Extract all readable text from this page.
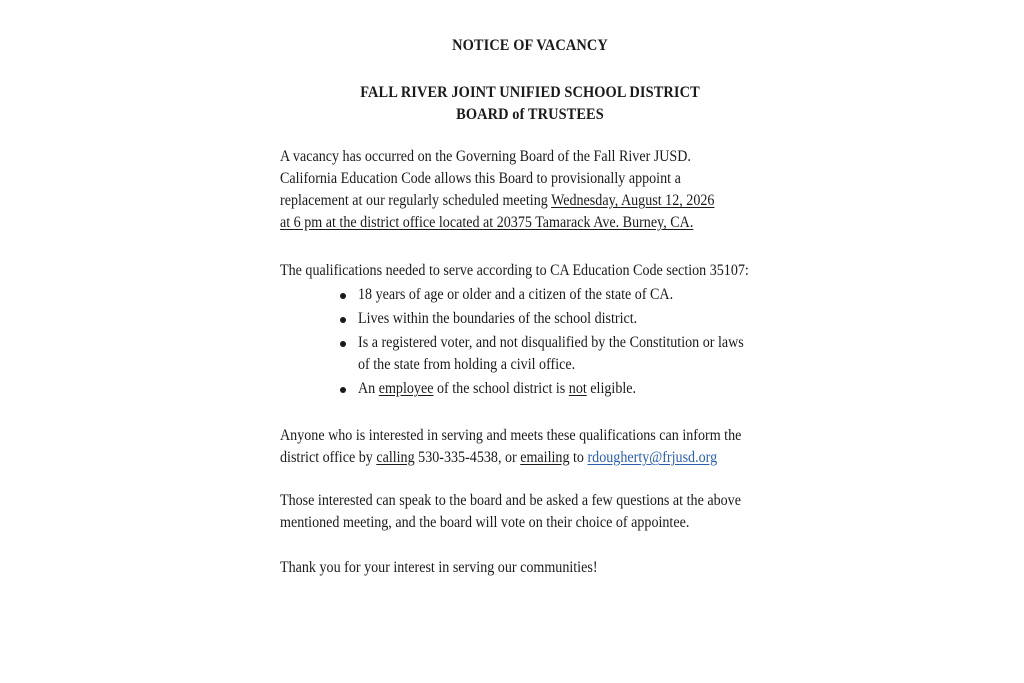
NOTICE OF VACANCY
FALL RIVER JOINT UNIFIED SCHOOL DISTRICT
BOARD of TRUSTEES
A vacancy has occurred on the Governing Board of the Fall River JUSD.
California Education Code allows this Board to provisionally appoint a
replacement at our regularly scheduled meeting Wednesday, August 12, 2026
at 6 pm at the district office located at 20375 Tamarack Ave. Burney, CA.
The qualifications needed to serve according to CA Education Code section 35107:
18 years of age or older and a citizen of the state of CA.
Lives within the boundaries of the school district.
Is a registered voter, and not disqualified by the Constitution or laws
of the state from holding a civil office.
An employee of the school district is not eligible.
Anyone who is interested in serving and meets these qualifications can inform the
district office by calling 530-335-4538, or emailing to rdougherty@frjusd.org
Those interested can speak to the board and be asked a few questions at the above
mentioned meeting, and the board will vote on their choice of appointee.
Thank you for your interest in serving our communities!
